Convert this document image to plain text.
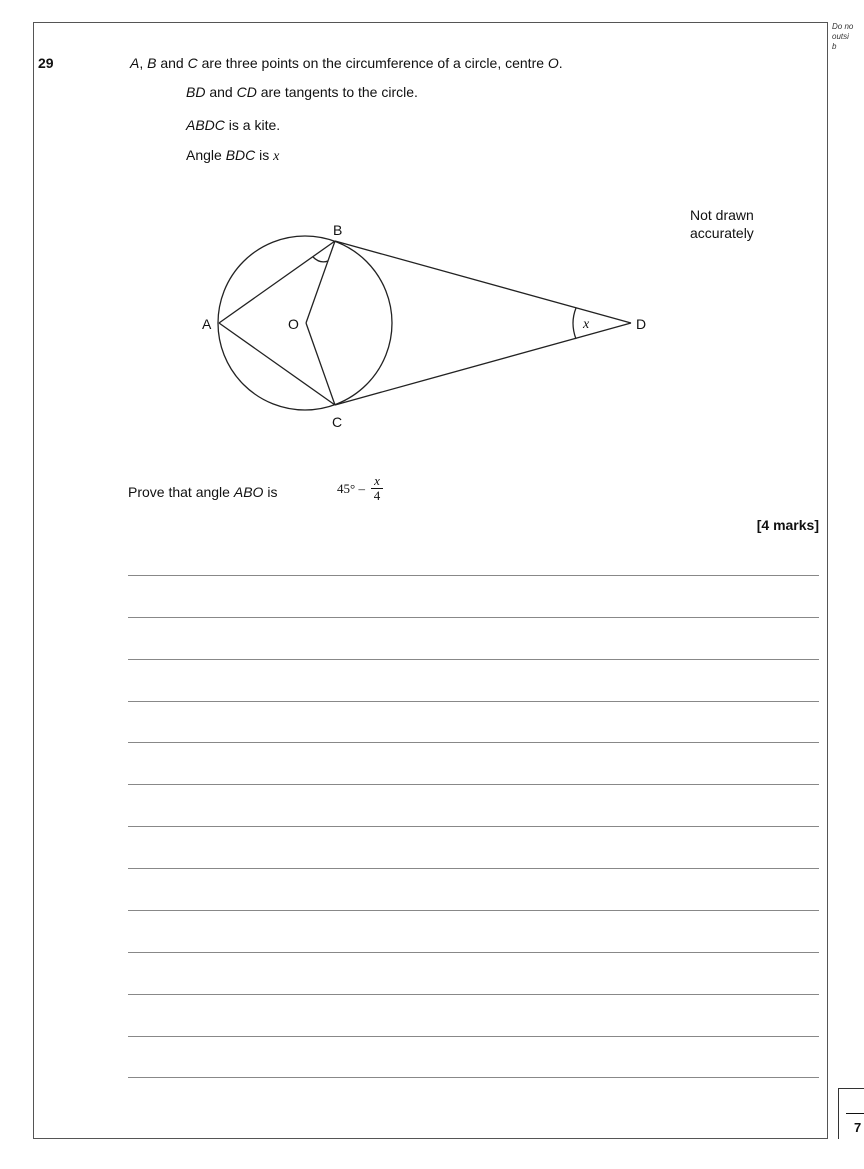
Do no
outsi
b
29	A, B and C are three points on the circumference of a circle, centre O.
BD and CD are tangents to the circle.
ABDC is a kite.
Angle BDC is x
Not drawn
accurately
B
A	O
C
D
x
Prove that angle ABO is	$45^\circ - \frac{x}{4}$
[4 marks]
7
